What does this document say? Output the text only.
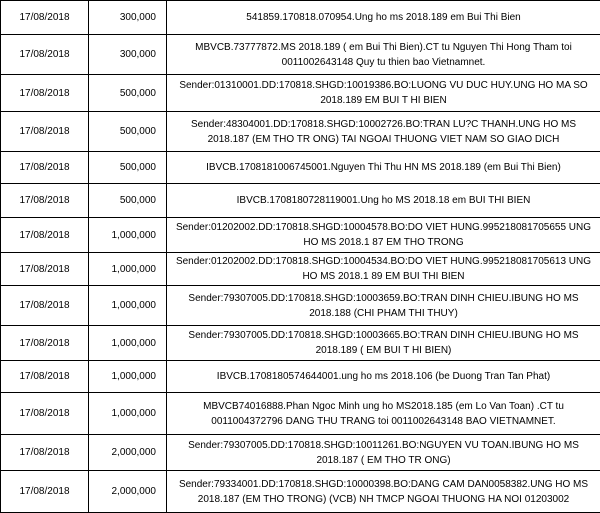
17/08/2018	300,000	541859.170818.070954.Ung ho ms 2018.189 em Bui Thi Bien
17/08/2018	300,000	MBVCB.73777872.MS 2018.189 ( em Bui Thi Bien).CT tu Nguyen Thi Hong Tham toi 0011002643148 Quy tu thien bao Vietnamnet.
17/08/2018	500,000	Sender:01310001.DD:170818.SHGD:10019386.BO:LUONG VU DUC HUY.UNG HO MA SO 2018.189 EM BUI T HI BIEN
17/08/2018	500,000	Sender:48304001.DD:170818.SHGD:10002726.BO:TRAN LU?C THANH.UNG HO MS 2018.187 (EM THO TR ONG) TAI NGOAI THUONG VIET NAM SO GIAO DICH
17/08/2018	500,000	IBVCB.1708181006745001.Nguyen Thi Thu HN MS 2018.189 (em Bui Thi Bien)
17/08/2018	500,000	IBVCB.1708180728119001.Ung ho MS 2018.18 em BUI THI BIEN
17/08/2018	1,000,000	Sender:01202002.DD:170818.SHGD:10004578.BO:DO VIET HUNG.995218081705655 UNG HO MS 2018.1 87 EM THO TRONG
17/08/2018	1,000,000	Sender:01202002.DD:170818.SHGD:10004534.BO:DO VIET HUNG.995218081705613 UNG HO MS 2018.1 89 EM BUI THI BIEN
17/08/2018	1,000,000	Sender:79307005.DD:170818.SHGD:10003659.BO:TRAN DINH CHIEU.IBUNG HO MS 2018.188 (CHI PHAM THI THUY)
17/08/2018	1,000,000	Sender:79307005.DD:170818.SHGD:10003665.BO:TRAN DINH CHIEU.IBUNG HO MS 2018.189 ( EM BUI T HI BIEN)
17/08/2018	1,000,000	IBVCB.1708180574644001.ung ho ms 2018.106 (be Duong Tran Tan Phat)
17/08/2018	1,000,000	MBVCB74016888.Phan Ngoc Minh ung ho MS2018.185 (em Lo Van Toan) .CT tu 0011004372796 DANG THU TRANG toi 0011002643148 BAO VIETNAMNET.
17/08/2018	2,000,000	Sender:79307005.DD:170818.SHGD:10011261.BO:NGUYEN VU TOAN.IBUNG HO MS 2018.187 ( EM THO TR ONG)
17/08/2018	2,000,000	Sender:79334001.DD:170818.SHGD:10000398.BO:DANG CAM DAN0058382.UNG HO MS 2018.187 (EM THO TRONG) (VCB) NH TMCP NGOAI THUONG HA NOI 01203002
